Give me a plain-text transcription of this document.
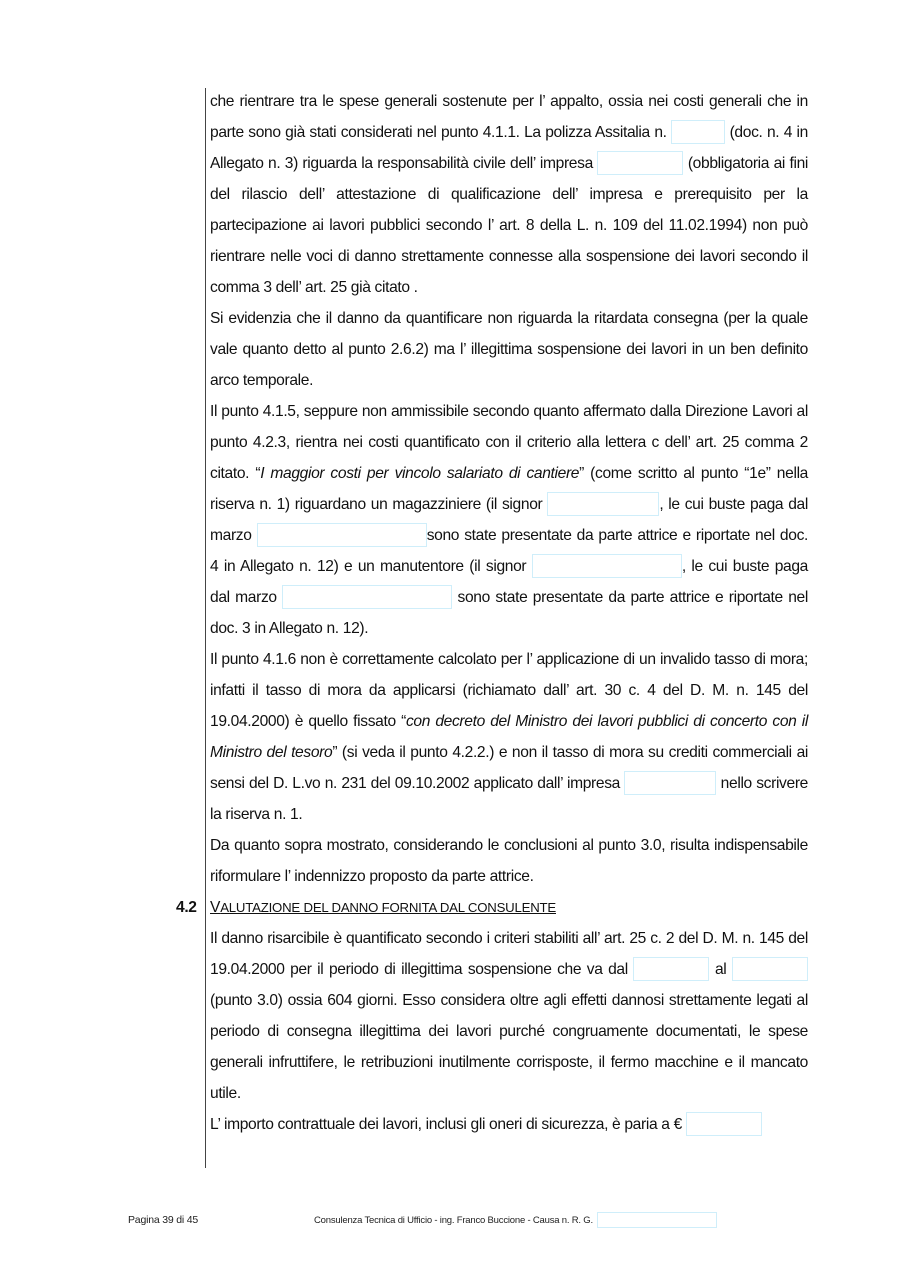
che rientrare tra le spese generali sostenute per l’ appalto, ossia nei costi generali che in parte sono già stati considerati nel punto 4.1.1. La polizza Assitalia n.	(doc. n. 4 in Allegato n. 3) riguarda la responsabilità civile dell’ impresa	(obbligatoria ai fini del rilascio dell’ attestazione di qualificazione dell’ impresa e prerequisito per la partecipazione ai lavori pubblici secondo l’ art. 8 della L. n. 109 del 11.02.1994) non può rientrare nelle voci di danno strettamente connesse alla sospensione dei lavori secondo il comma 3 dell’ art. 25 già citato .

Si evidenzia che il danno da quantificare non riguarda la ritardata consegna (per la quale vale quanto detto al punto 2.6.2) ma l’ illegittima sospensione dei lavori in un ben definito arco temporale.

Il punto 4.1.5, seppure non ammissibile secondo quanto affermato dalla Direzione Lavori al punto 4.2.3, rientra nei costi quantificato con il criterio alla lettera c dell’ art. 25 comma 2 citato. “I maggior costi per vincolo salariato di cantiere” (come scritto al punto “1e” nella riserva n. 1) riguardano un magazziniere (il signor	, le cui buste paga dal marzo	sono state presentate da parte attrice e riportate nel doc. 4 in Allegato n. 12) e un manutentore (il signor	, le cui buste paga dal marzo	sono state presentate da parte attrice e riportate nel doc. 3 in Allegato n. 12).

Il punto 4.1.6 non è correttamente calcolato per l’ applicazione di un invalido tasso di mora; infatti il tasso di mora da applicarsi (richiamato dall’ art. 30 c. 4 del D. M. n. 145 del 19.04.2000) è quello fissato “con decreto del Ministro dei lavori pubblici di concerto con il Ministro del tesoro” (si veda il punto 4.2.2.) e non il tasso di mora su crediti commerciali ai sensi del D. L.vo n. 231 del 09.10.2002 applicato dall’ impresa	nello scrivere la riserva n. 1.

Da quanto sopra mostrato, considerando le conclusioni al punto 3.0, risulta indispensabile riformulare l’ indennizzo proposto da parte attrice.

4.2 VALUTAZIONE DEL DANNO FORNITA DAL CONSULENTE

Il danno risarcibile è quantificato secondo i criteri stabiliti all’ art. 25 c. 2 del D. M. n. 145 del 19.04.2000 per il periodo di illegittima sospensione che va dal	al  (punto 3.0) ossia 604 giorni. Esso considera oltre agli effetti dannosi strettamente legati al periodo di consegna illegittima dei lavori purché congruamente documentati, le spese generali infruttifere, le retribuzioni inutilmente corrisposte, il fermo macchine e il mancato utile.

L’ importo contrattuale dei lavori, inclusi gli oneri di sicurezza, è paria a €

Pagina 39 di 45	Consulenza Tecnica di Ufficio - ing. Franco Buccione - Causa n. R. G.
